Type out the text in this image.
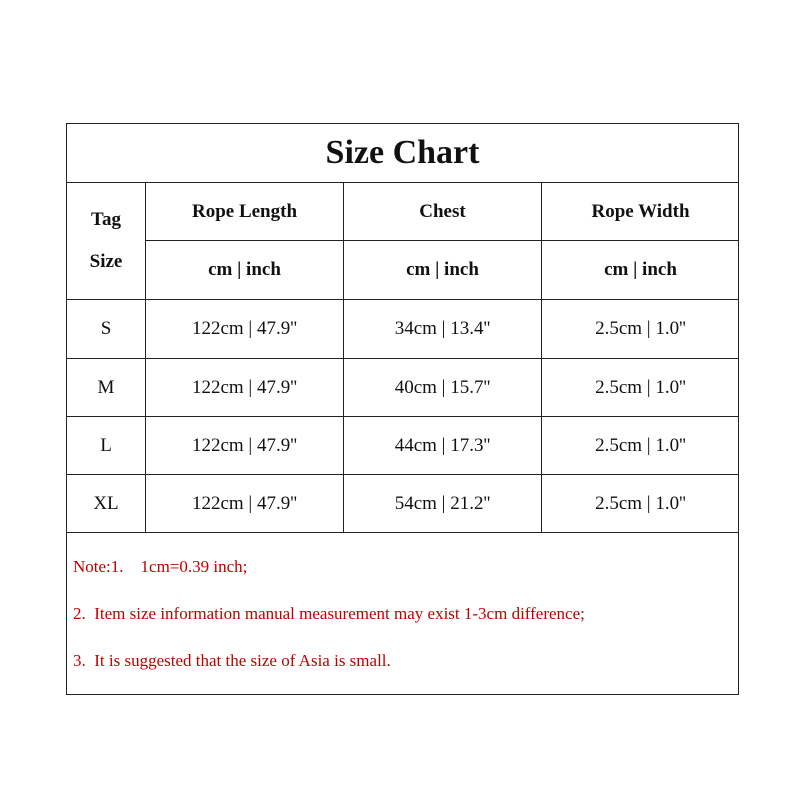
Size Chart
Tag
Size
Rope Length	Chest	Rope Width
cm | inch	cm | inch	cm | inch
S	122cm | 47.9''	34cm | 13.4''	2.5cm | 1.0''
M	122cm | 47.9''	40cm | 15.7''	2.5cm | 1.0''
L	122cm | 47.9''	44cm | 17.3''	2.5cm | 1.0''
XL	122cm | 47.9''	54cm | 21.2''	2.5cm | 1.0''
Note:1.    1cm=0.39 inch;
2.  Item size information manual measurement may exist 1-3cm difference;
3.  It is suggested that the size of Asia is small.
